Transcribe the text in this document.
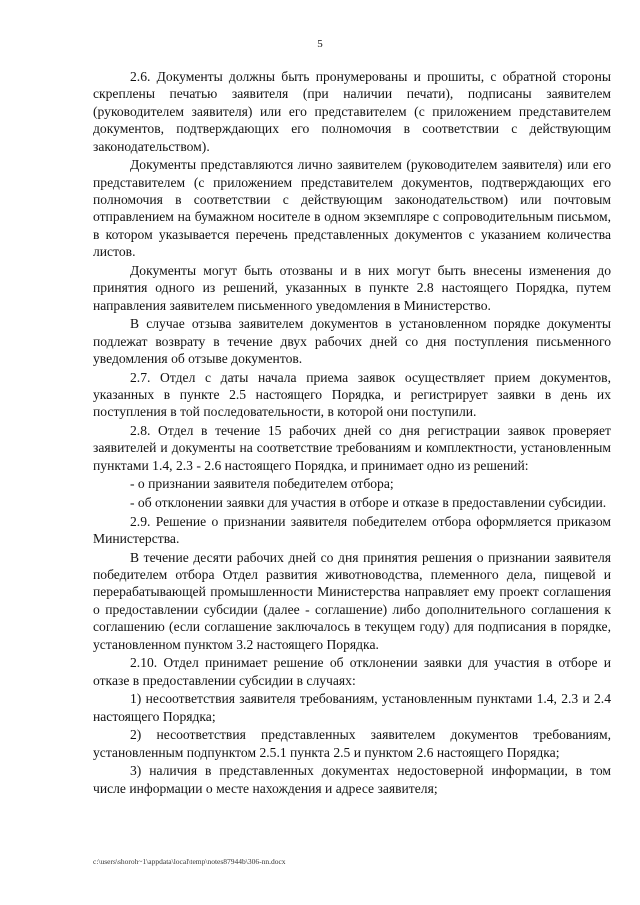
5

2.6. Документы должны быть пронумерованы и прошиты, с обратной стороны скреплены печатью заявителя (при наличии печати), подписаны заявителем (руководителем заявителя) или его представителем (с приложением представителем документов, подтверждающих его полномочия в соответствии с действующим законодательством).

Документы представляются лично заявителем (руководителем заявителя) или его представителем (с приложением представителем документов, подтверждающих его полномочия в соответствии с действующим законодательством) или почтовым отправлением на бумажном носителе в одном экземпляре с сопроводительным письмом, в котором указывается перечень представленных документов с указанием количества листов.

Документы могут быть отозваны и в них могут быть внесены изменения до принятия одного из решений, указанных в пункте 2.8 настоящего Порядка, путем направления заявителем письменного уведомления в Министерство.

В случае отзыва заявителем документов в установленном порядке документы подлежат возврату в течение двух рабочих дней со дня поступления письменного уведомления об отзыве документов.

2.7. Отдел с даты начала приема заявок осуществляет прием документов, указанных в пункте 2.5 настоящего Порядка, и регистрирует заявки в день их поступления в той последовательности, в которой они поступили.

2.8. Отдел в течение 15 рабочих дней со дня регистрации заявок проверяет заявителей и документы на соответствие требованиям и комплектности, установленным пунктами 1.4, 2.3 - 2.6 настоящего Порядка, и принимает одно из решений:

- о признании заявителя победителем отбора;

- об отклонении заявки для участия в отборе и отказе в предоставлении субсидии.

2.9. Решение о признании заявителя победителем отбора оформляется приказом Министерства.

В течение десяти рабочих дней со дня принятия решения о признании заявителя победителем отбора Отдел развития животноводства, племенного дела, пищевой и перерабатывающей промышленности Министерства направляет ему проект соглашения о предоставлении субсидии (далее - соглашение) либо дополнительного соглашения к соглашению (если соглашение заключалось в текущем году) для подписания в порядке, установленном пунктом 3.2 настоящего Порядка.

2.10. Отдел принимает решение об отклонении заявки для участия в отборе и отказе в предоставлении субсидии в случаях:

1) несоответствия заявителя требованиям, установленным пунктами 1.4, 2.3 и 2.4 настоящего Порядка;

2) несоответствия представленных заявителем документов требованиям, установленным подпунктом 2.5.1 пункта 2.5 и пунктом 2.6 настоящего Порядка;

3) наличия в представленных документах недостоверной информации, в том числе информации о месте нахождения и адресе заявителя;

c:\users\shoroh~1\appdata\local\temp\notes87944b\306-nn.docx
